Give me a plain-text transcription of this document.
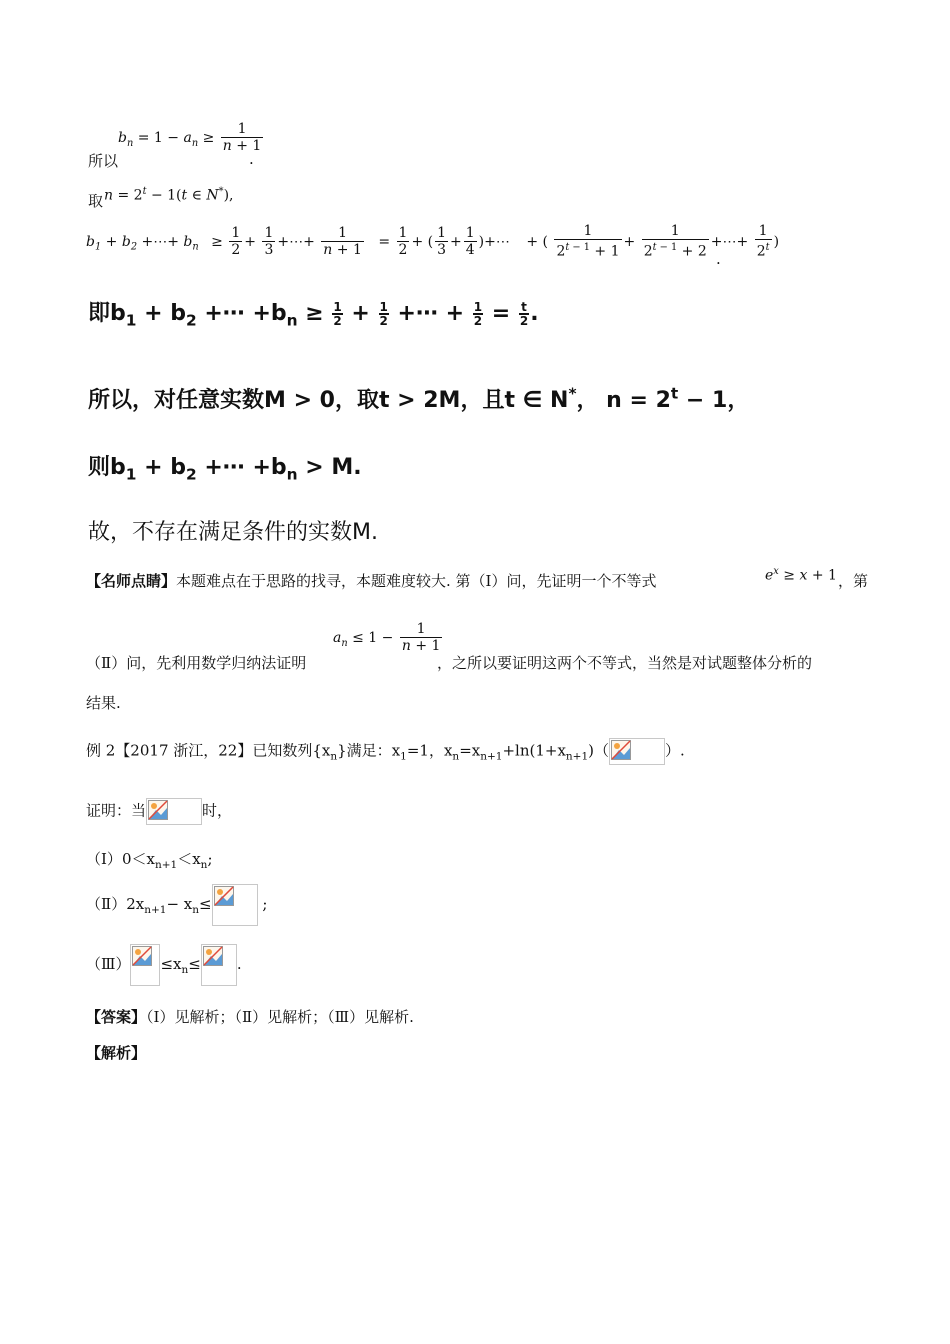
$b_n = 1 - a_n \ge \frac{1}{n + 1}$
所以	.
取 $n = 2^t - 1(t$ ∈ N*),
$b_1 + b_2$ +⋯+ $b_n \ge \frac{1}{2} + \frac{1}{3}$ +⋯+ $\frac{1}{n + 1} = \frac{1}{2}$ + ( $\frac{1}{3} + \frac{1}{4}$ )+⋯ + ( $\frac{1}{2^{t - 1} + 1} + \frac{1}{2^{t - 1} + 2}$ +⋯+ $\frac{1}{2^t}$ )
.
即$b_1 + b_2$ +⋯ $+b_n \ge \frac{1}{2} + \frac{1}{2}$ +⋯ + $\frac{1}{2} = \frac{t}{2}$ .
所以，对任意实数M > 0，取t > 2M，且t ∈ N*， $n = 2^t - 1$，
则$b_1 + b_2$ +⋯ $+b_n > M$.
故，不存在满足条件的实数M.
【名师点睛】本题难点在于思路的找寻，本题难度较大. 第（Ⅰ）问，先证明一个不等式	$e^x \ge x + 1$ ，第
（Ⅱ）问，先利用数学归纳法证明
$a_n \le 1 - \frac{1}{n + 1}$
，之所以要证明这两个不等式，当然是对试题整体分析的
结果.
例 2【2017 浙江，22】已知数列$\{x_n\}$满足：$x_1=1$，$x_n=x_{n+1}+\ln(1+x_{n+1})$（	）.
证明：当	时，
$(Ⅰ)0<x_{n+1}<x_n$;
$(Ⅱ)2x_{n+1}- x_n\le$	;
（Ⅲ） $\le x_n\le$ .
【答案】（Ⅰ）见解析；（Ⅱ）见解析；（Ⅲ）见解析.
【解析】
